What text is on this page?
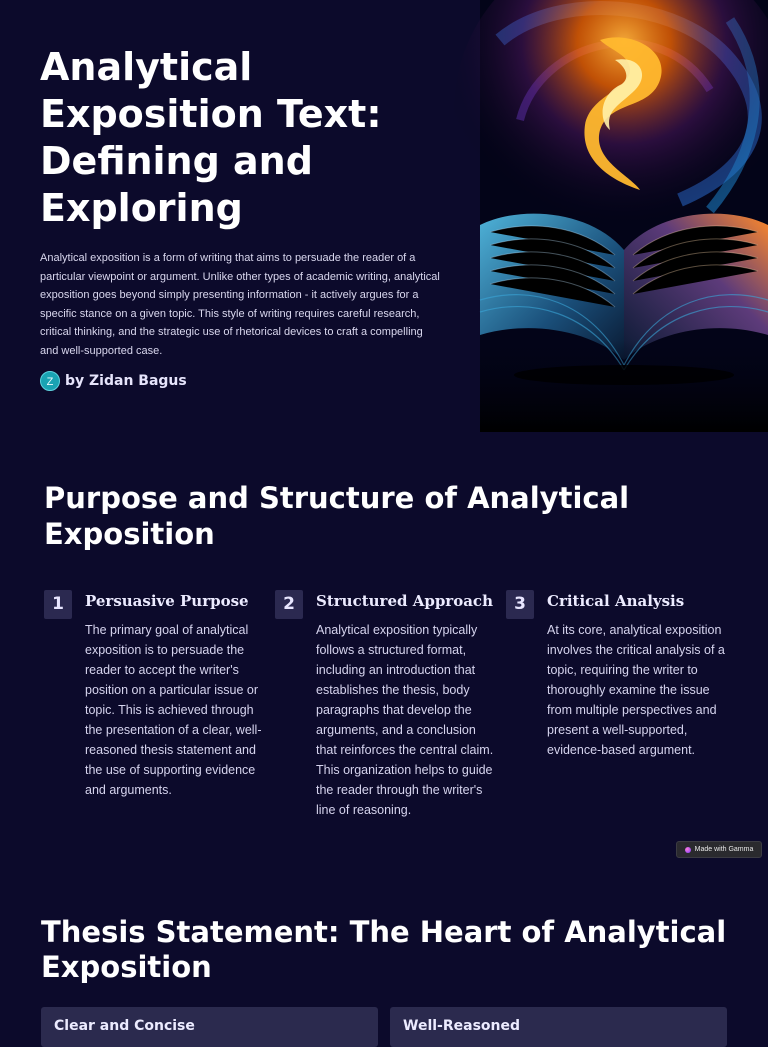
Analytical Exposition Text: Defining and Exploring

Analytical exposition is a form of writing that aims to persuade the reader of a particular viewpoint or argument. Unlike other types of academic writing, analytical exposition goes beyond simply presenting information - it actively argues for a specific stance on a given topic. This style of writing requires careful research, critical thinking, and the strategic use of rhetorical devices to craft a compelling and well-supported case.

Z by Zidan Bagus
Purpose and Structure of Analytical Exposition
1	Persuasive Purpose
The primary goal of analytical exposition is to persuade the reader to accept the writer's position on a particular issue or topic. This is achieved through the presentation of a clear, well-reasoned thesis statement and the use of supporting evidence and arguments.
2	Structured Approach
Analytical exposition typically follows a structured format, including an introduction that establishes the thesis, body paragraphs that develop the arguments, and a conclusion that reinforces the central claim. This organization helps to guide the reader through the writer's line of reasoning.
3	Critical Analysis
At its core, analytical exposition involves the critical analysis of a topic, requiring the writer to thoroughly examine the issue from multiple perspectives and present a well-supported, evidence-based argument.
Made with Gamma
Thesis Statement: The Heart of Analytical Exposition
Clear and Concise	Well-Reasoned
